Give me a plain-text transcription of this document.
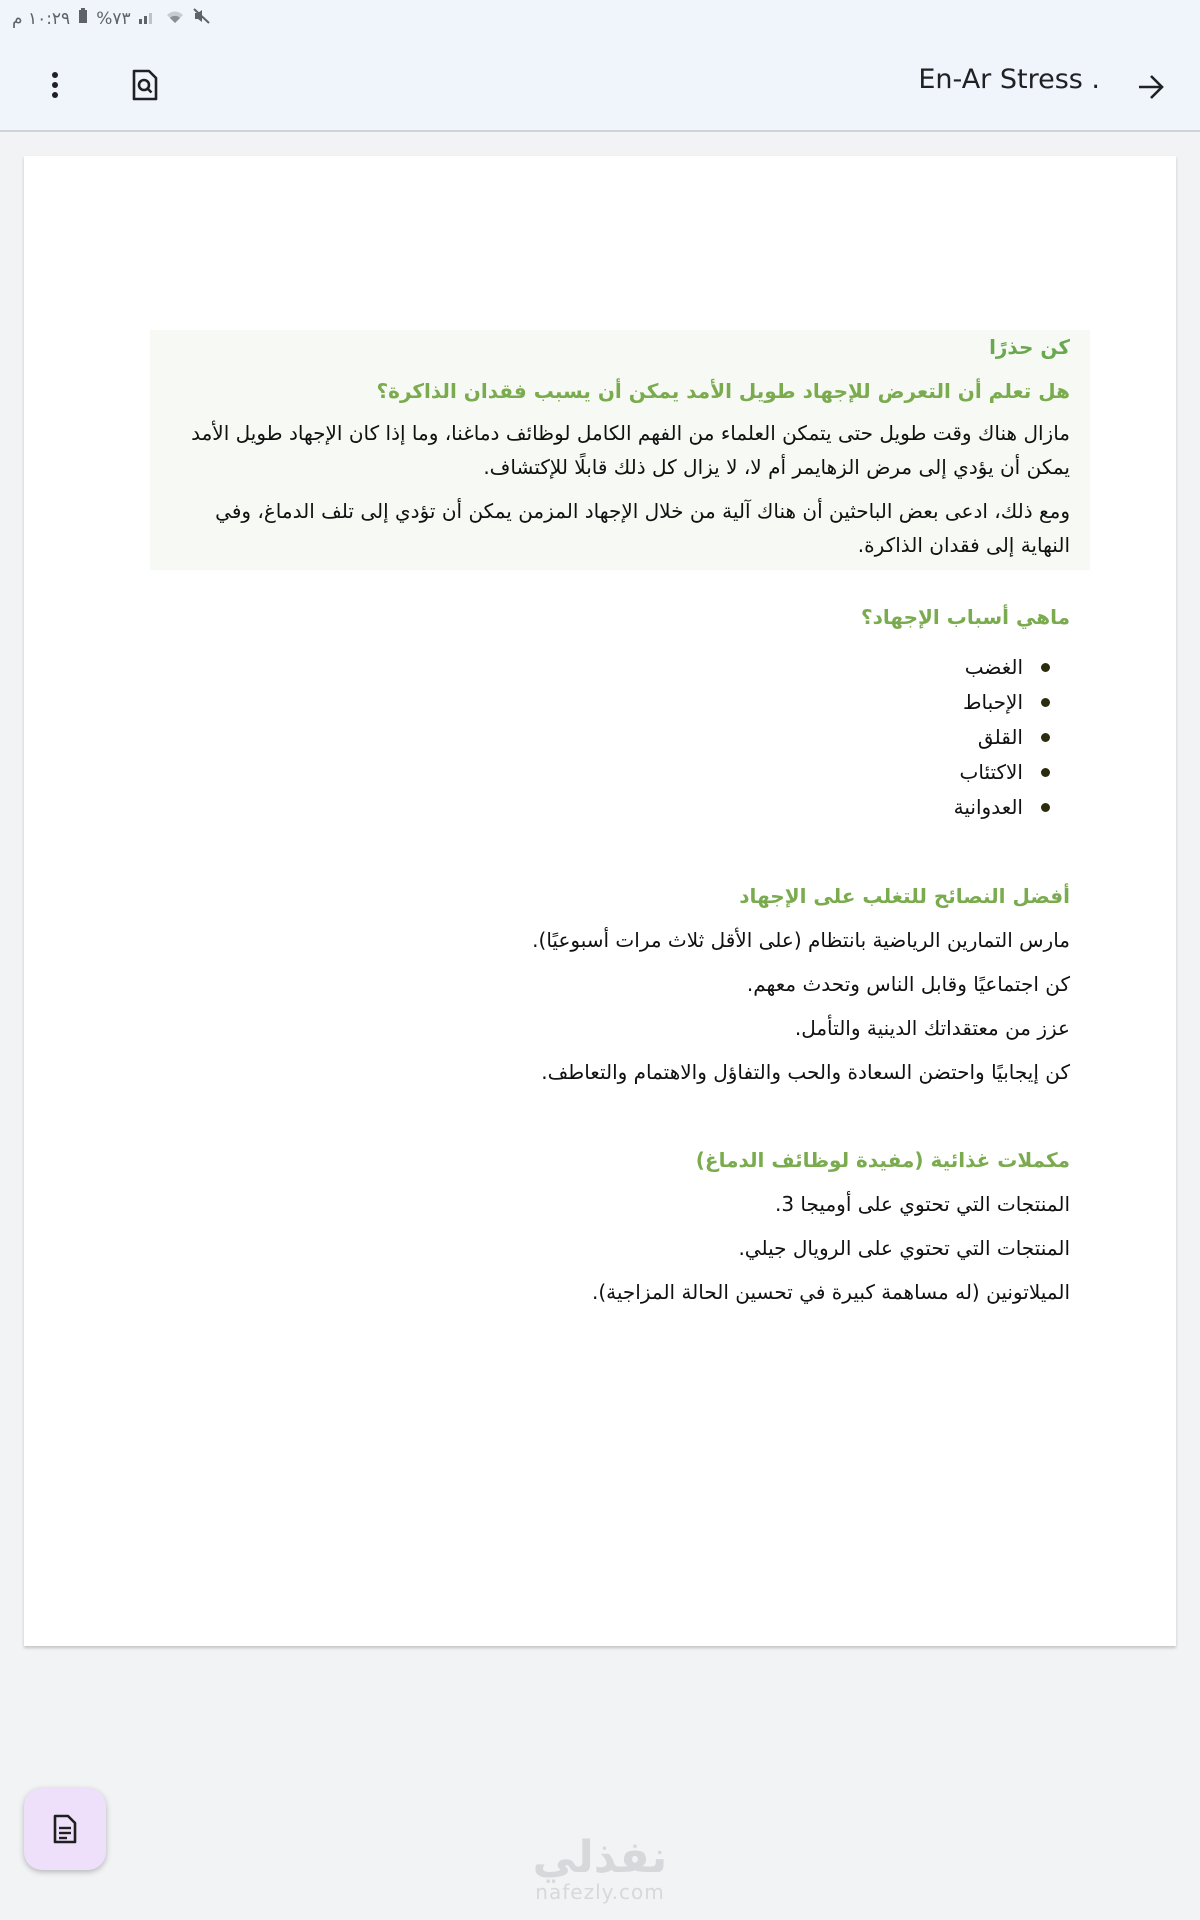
١٠:٢٩ م %٧٣
En-Ar Stress .

كن حذرًا

هل تعلم أن التعرض للإجهاد طويل الأمد يمكن أن يسبب فقدان الذاكرة؟

مازال هناك وقت طويل حتى يتمكن العلماء من الفهم الكامل لوظائف دماغنا، وما إذا كان الإجهاد طويل الأمد يمكن أن يؤدي إلى مرض الزهايمر أم لا، لا يزال كل ذلك قابلًا للإكتشاف.

ومع ذلك، ادعى بعض الباحثين أن هناك آلية من خلال الإجهاد المزمن يمكن أن تؤدي إلى تلف الدماغ، وفي النهاية إلى فقدان الذاكرة.

ماهي أسباب الإجهاد؟

الغضب
الإحباط
القلق
الاكتئاب
العدوانية

أفضل النصائح للتغلب على الإجهاد

مارس التمارين الرياضية بانتظام (على الأقل ثلاث مرات أسبوعيًا).

كن اجتماعيًا وقابل الناس وتحدث معهم.

عزز من معتقداتك الدينية والتأمل.

كن إيجابيًا واحتضن السعادة والحب والتفاؤل والاهتمام والتعاطف.

مكملات غذائية (مفيدة لوظائف الدماغ)

المنتجات التي تحتوي على أوميجا 3.

المنتجات التي تحتوي على الرويال جيلي.

الميلاتونين (له مساهمة كبيرة في تحسين الحالة المزاجية).

نفذلي
nafezly.com
